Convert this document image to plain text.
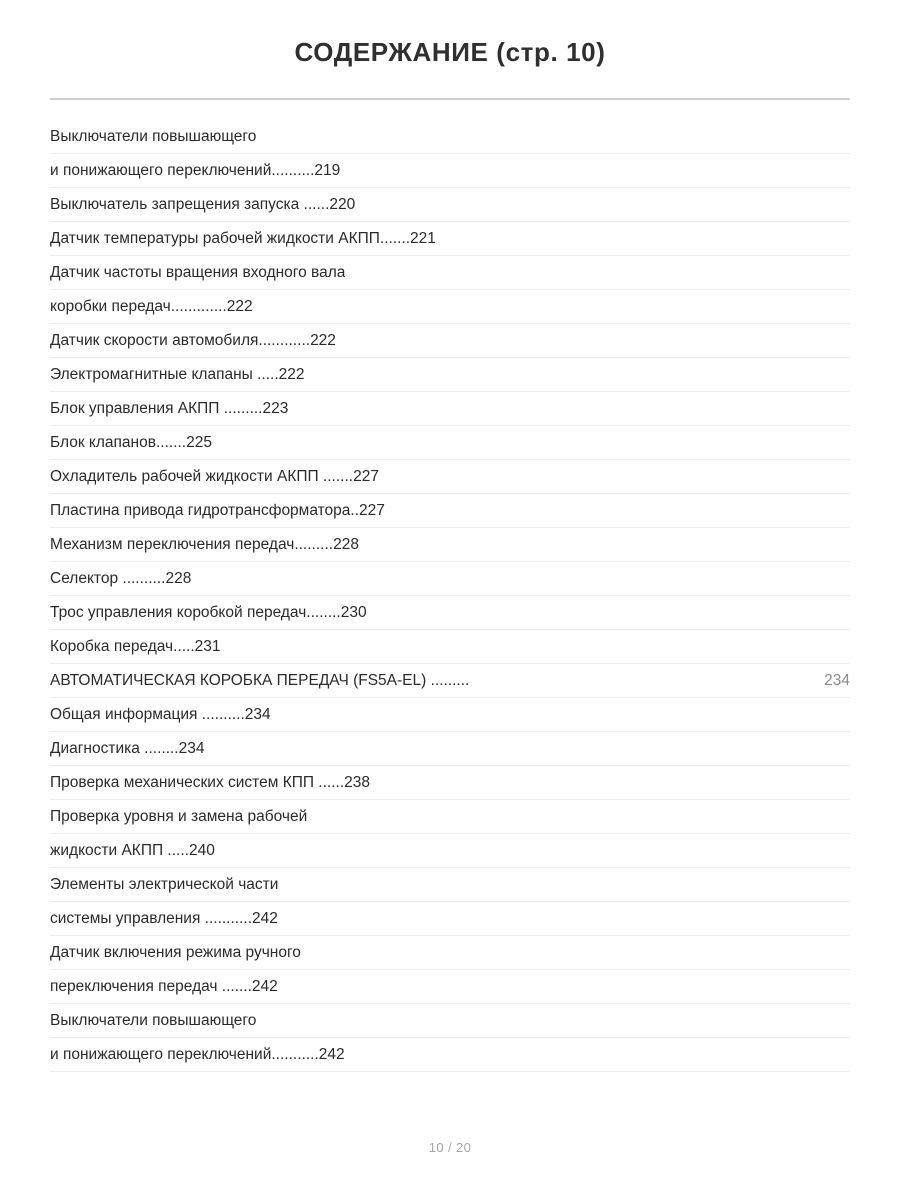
СОДЕРЖАНИЕ (стр. 10)
Выключатели повышающего
и понижающего переключений..........219
Выключатель запрещения запуска ......220
Датчик температуры рабочей жидкости АКПП.......221
Датчик частоты вращения входного вала
коробки передач.............222
Датчик скорости автомобиля............222
Электромагнитные клапаны .....222
Блок управления АКПП .........223
Блок клапанов.......225
Охладитель рабочей жидкости АКПП .......227
Пластина привода гидротрансформатора..227
Механизм переключения передач.........228
Селектор ..........228
Трос управления коробкой передач........230
Коробка передач.....231
АВТОМАТИЧЕСКАЯ КОРОБКА ПЕРЕДАЧ (FS5A-EL) .........	234
Общая информация ..........234
Диагностика ........234
Проверка механических систем КПП ......238
Проверка уровня и замена рабочей
жидкости АКПП .....240
Элементы электрической части
системы управления ...........242
Датчик включения режима ручного
переключения передач .......242
Выключатели повышающего
и понижающего переключений...........242
10 / 20
